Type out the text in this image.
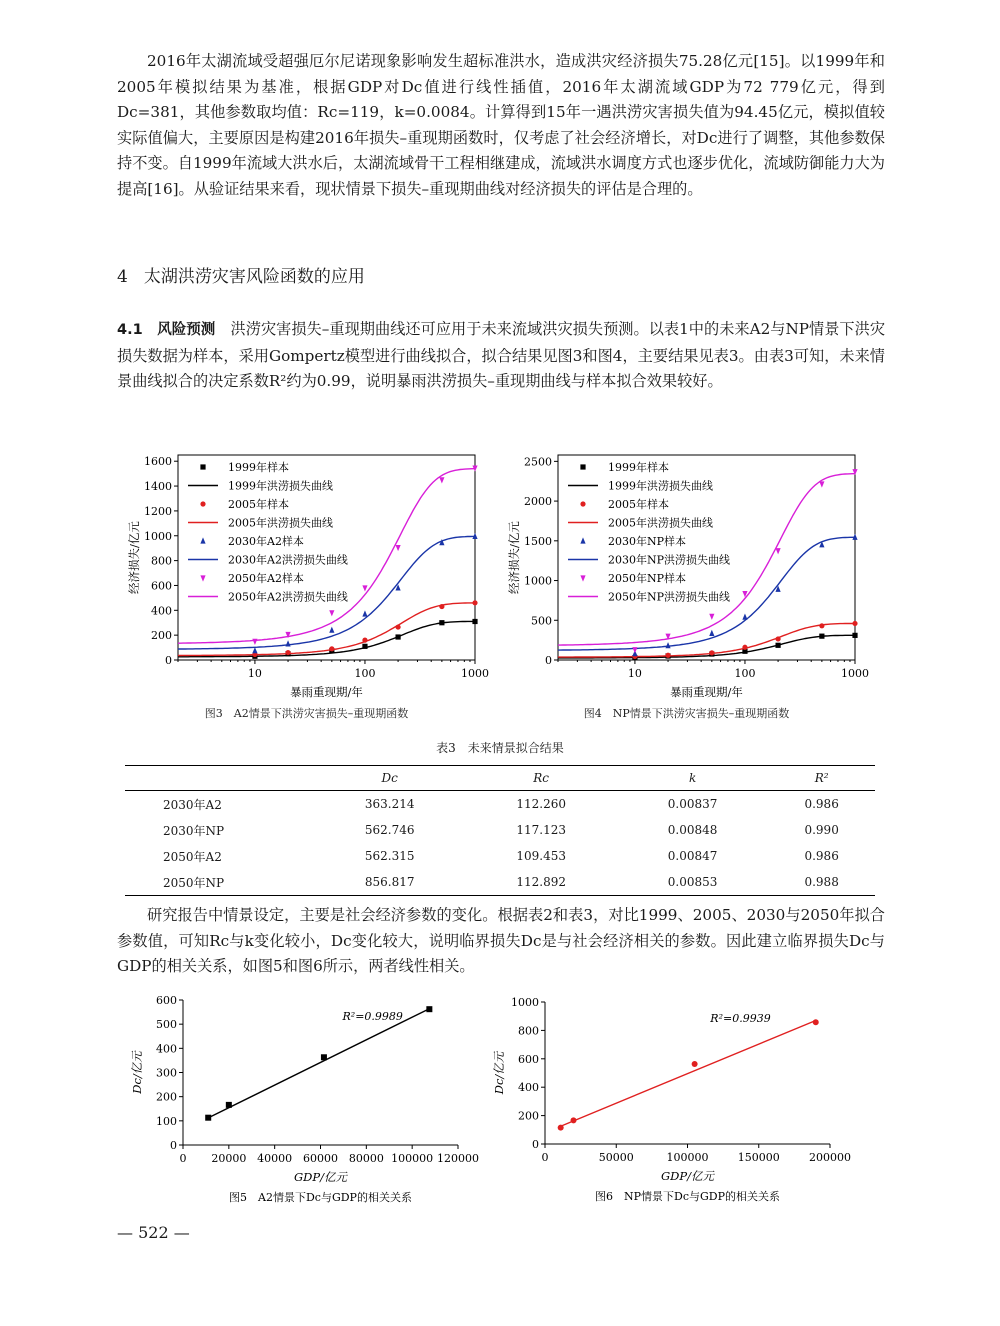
2016年太湖流域受超强厄尔尼诺现象影响发生超标准洪水，造成洪灾经济损失75.28亿元[15]。以1999年和2005年模拟结果为基准，根据GDP对Dc值进行线性插值，2016年太湖流域GDP为72 779亿元，得到Dc=381，其他参数取均值：Rc=119，k=0.0084。计算得到15年一遇洪涝灾害损失值为94.45亿元，模拟值较实际值偏大，主要原因是构建2016年损失–重现期函数时，仅考虑了社会经济增长，对Dc进行了调整，其他参数保持不变。自1999年流域大洪水后，太湖流域骨干工程相继建成，流域洪水调度方式也逐步优化，流域防御能力大为提高[16]。从验证结果来看，现状情景下损失–重现期曲线对经济损失的评估是合理的。

4 太湖洪涝灾害风险函数的应用

4.1　风险预测　 洪涝灾害损失–重现期曲线还可应用于未来流域洪灾损失预测。以表1中的未来A2与NP情景下洪灾损失数据为样本，采用Gompertz模型进行曲线拟合，拟合结果见图3和图4，主要结果见表3。由表3可知，未来情景曲线拟合的决定系数R²约为0.99，说明暴雨洪涝损失–重现期曲线与样本拟合效果较好。

0
200
400
600
800
1000
1200
1400
1600
10	100	1000
暴雨重现期/年
经济损失/亿元
图3　A2情景下洪涝灾害损失–重现期函数
1999年样本
1999年洪涝损失曲线
2005年样本
2005年洪涝损失曲线
2030年A2样本
2030年A2洪涝损失曲线
2050年A2样本
2050年A2洪涝损失曲线
0
500
1000
1500
2000
2500
10	100	1000
暴雨重现期/年
经济损失/亿元
图4　NP情景下洪涝灾害损失–重现期函数
1999年样本
1999年洪涝损失曲线
2005年样本
2005年洪涝损失曲线
2030年NP样本
2030年NP洪涝损失曲线
2050年NP样本
2050年NP洪涝损失曲线
表3　未来情景拟合结果
	Dc	Rc	k	R²
2030年A2	363.214	112.260	0.00837	0.986
2030年NP	562.746	117.123	0.00848	0.990
2050年A2	562.315	109.453	0.00847	0.986
2050年NP	856.817	112.892	0.00853	0.988

研究报告中情景设定，主要是社会经济参数的变化。根据表2和表3，对比1999、2005、2030与2050年拟合参数值，可知Rc与k变化较小，Dc变化较大，说明临界损失Dc是与社会经济相关的参数。因此建立临界损失Dc与GDP的相关关系，如图5和图6所示，两者线性相关。

0
100
200
300
400
500
600
0 20000 40000 60000 80000 100000 120000
GDP/亿元
Dc/亿元
图5　A2情景下Dc与GDP的相关关系
R²=0.9989
0
200
400
600
800
1000
0	50000	100000	150000	200000
GDP/亿元
Dc/亿元
图6　NP情景下Dc与GDP的相关关系
R²=0.9939
— 522 —
